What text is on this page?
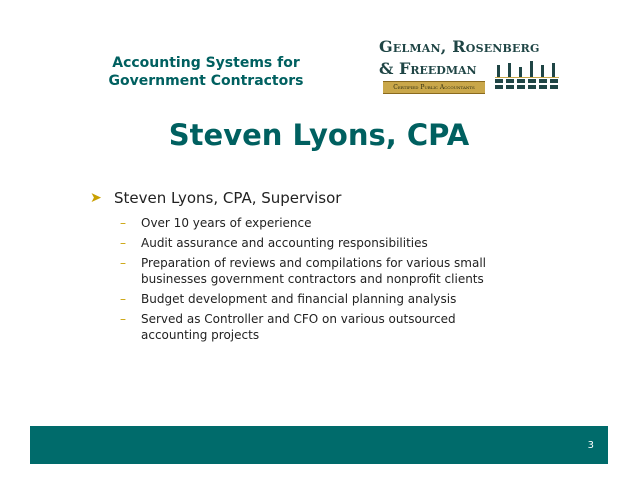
Accounting Systems for
Government Contractors
Gelman, Rosenberg
& Freedman
Certified Public Accountants
Steven Lyons, CPA
➤ Steven Lyons, CPA, Supervisor
– Over 10 years of experience
– Audit assurance and accounting responsibilities
– Preparation of reviews and compilations for various small businesses government contractors and nonprofit clients
– Budget development and financial planning analysis
– Served as Controller and CFO on various outsourced accounting projects
3
